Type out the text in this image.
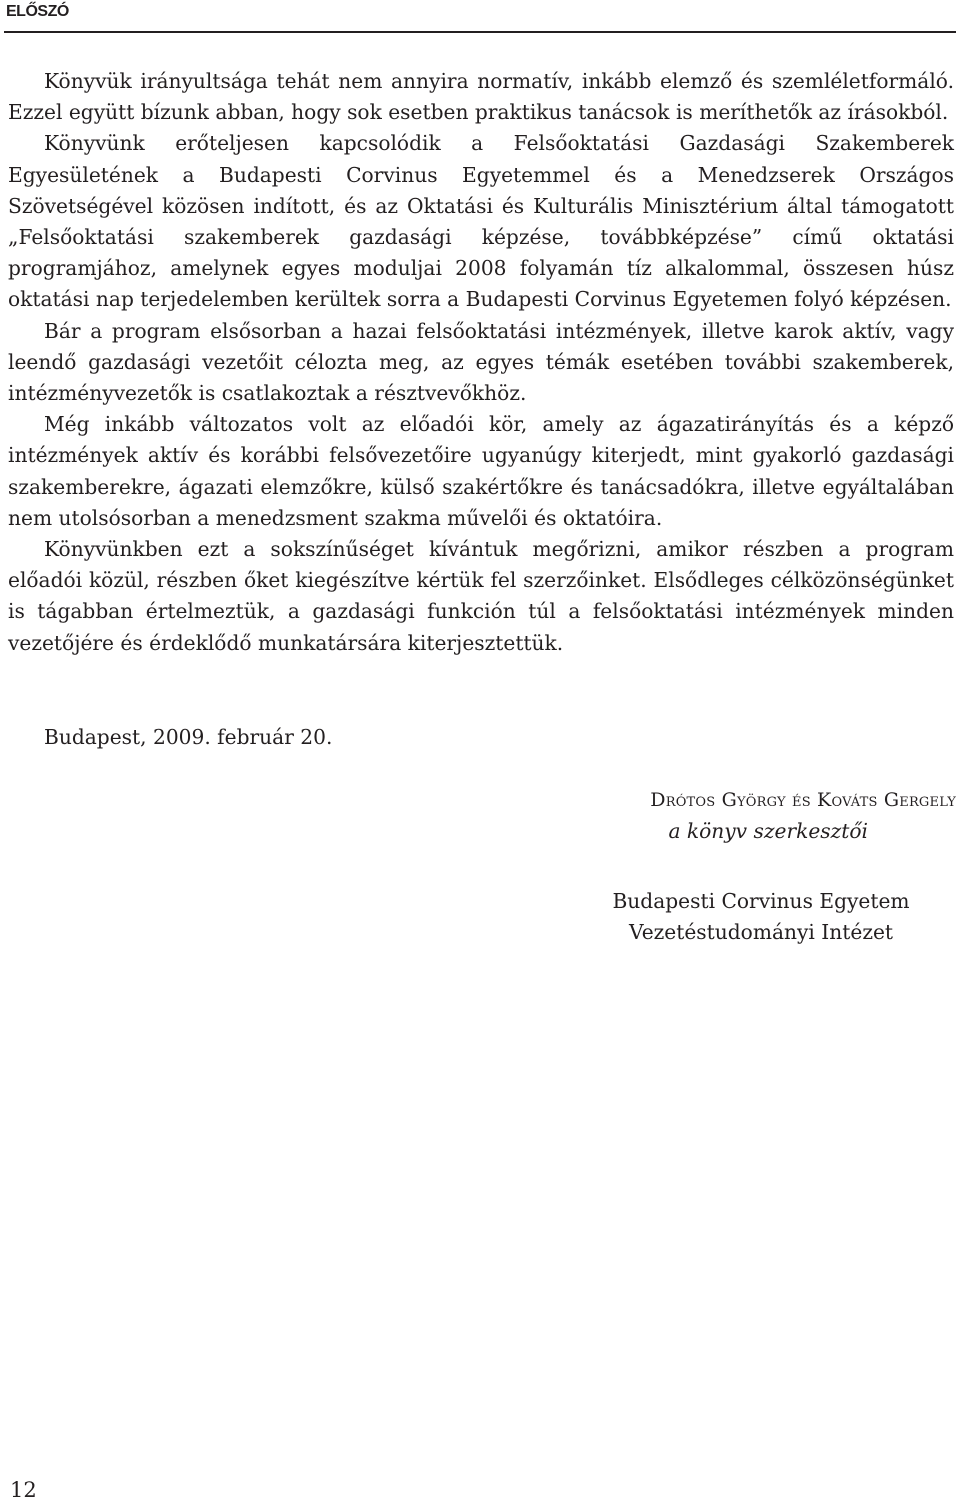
ELŐSZÓ

Könyvük irányultsága tehát nem annyira normatív, inkább elemző és szemléletformáló. Ezzel együtt bízunk abban, hogy sok esetben praktikus tanácsok is meríthetők az írásokból.

Könyvünk erőteljesen kapcsolódik a Felsőoktatási Gazdasági Szakemberek Egyesületének a Budapesti Corvinus Egyetemmel és a Menedzserek Országos Szövetségével közösen indított, és az Oktatási és Kulturális Minisztérium által támogatott „Felsőoktatási szakemberek gazdasági képzése, továbbképzése” című oktatási programjához, amelynek egyes moduljai 2008 folyamán tíz alkalommal, összesen húsz oktatási nap terjedelemben kerültek sorra a Budapesti Corvinus Egyetemen folyó képzésen.

Bár a program elsősorban a hazai felsőoktatási intézmények, illetve karok aktív, vagy leendő gazdasági vezetőit célozta meg, az egyes témák esetében további szakemberek, intézményvezetők is csatlakoztak a résztvevőkhöz.

Még inkább változatos volt az előadói kör, amely az ágazatirányítás és a képző intézmények aktív és korábbi felsővezetőire ugyanúgy kiterjedt, mint gyakorló gazdasági szakemberekre, ágazati elemzőkre, külső szakértőkre és tanácsadókra, illetve egyáltalában nem utolsósorban a menedzsment szakma művelői és oktatóira.

Könyvünkben ezt a sokszínűséget kívántuk megőrizni, amikor részben a program előadói közül, részben őket kiegészítve kértük fel szerzőinket. Elsődleges célközönségünket is tágabban értelmeztük, a gazdasági funkción túl a felsőoktatási intézmények minden vezetőjére és érdeklődő munkatársára kiterjesztettük.

Budapest, 2009. február 20.
Drótos György és Kováts Gergely
a könyv szerkesztői
Budapesti Corvinus Egyetem
Vezetéstudományi Intézet
12
